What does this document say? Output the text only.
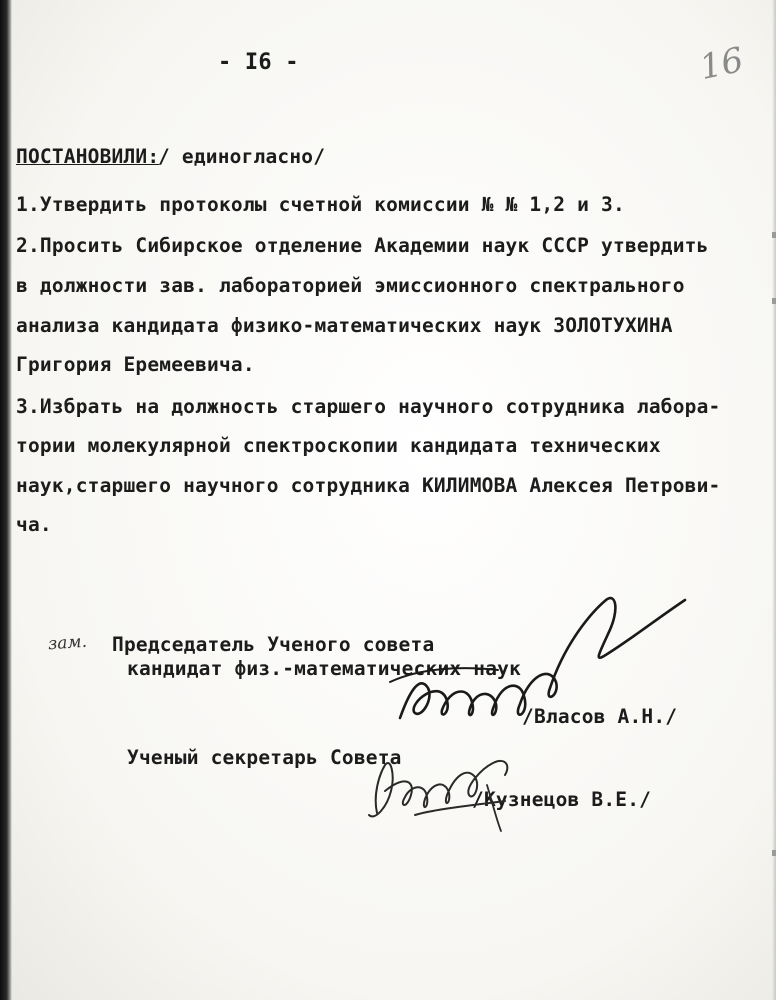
- I6 -	16
ПОСТАНОВИЛИ:
/ единогласно/
1.Утвердить протоколы счетной комиссии № № 1,2 и 3.
2.Просить Сибирское отделение Академии наук СССР утвердить
в должности зав. лабораторией эмиссионного спектрального
анализа кандидата физико-математических наук ЗОЛОТУХИНА
Григория Еремеевича.
3.Избрать на должность старшего научного сотрудника лабора-
тории молекулярной спектроскопии кандидата технических
наук,старшего научного сотрудника КИЛИМОВА Алексея Петрови-
ча.
зам. Председатель Ученого совета
кандидат физ.-математических наук
/Власов А.Н./
Ученый секретарь Совета
/Кузнецов В.Е./
